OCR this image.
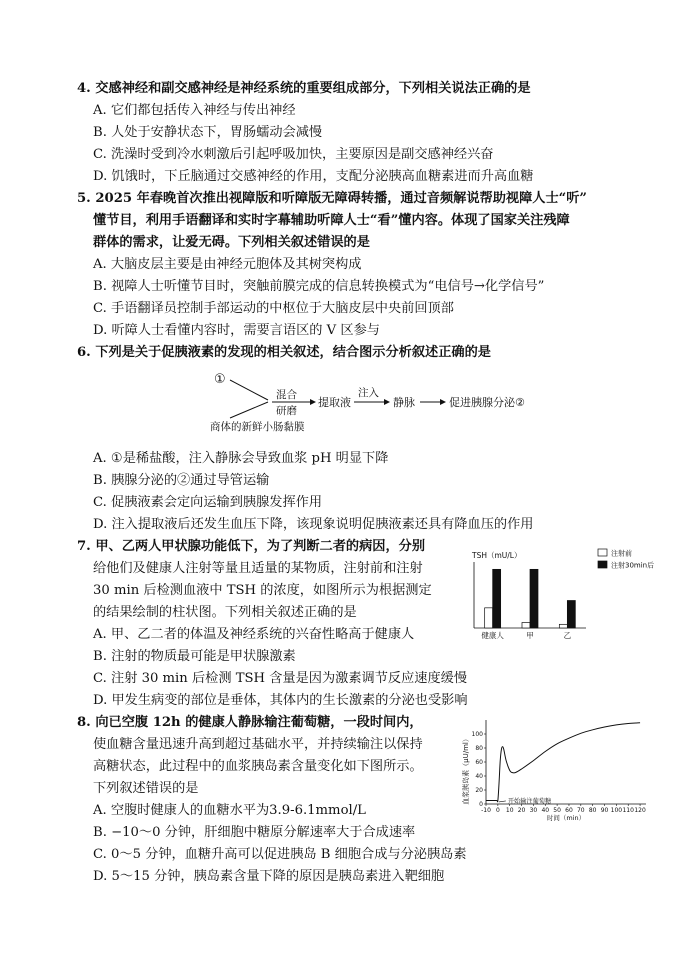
4. 交感神经和副交感神经是神经系统的重要组成部分，下列相关说法正确的是
A. 它们都包括传入神经与传出神经
B. 人处于安静状态下，胃肠蠕动会减慢
C. 洗澡时受到冷水刺激后引起呼吸加快，主要原因是副交感神经兴奋
D. 饥饿时，下丘脑通过交感神经的作用，支配分泌胰高血糖素进而升高血糖
5. 2025 年春晚首次推出视障版和听障版无障碍转播，通过音频解说帮助视障人士“听”
懂节目，利用手语翻译和实时字幕辅助听障人士“看”懂内容。体现了国家关注残障
群体的需求，让爱无碍。下列相关叙述错误的是
A. 大脑皮层主要是由神经元胞体及其树突构成
B. 视障人士听懂节目时，突触前膜完成的信息转换模式为“电信号→化学信号”
C. 手语翻译员控制手部运动的中枢位于大脑皮层中央前回顶部
D. 听障人士看懂内容时，需要言语区的 V 区参与
6. 下列是关于促胰液素的发现的相关叙述，结合图示分析叙述正确的是
①
混合
研磨
提取液
注入
静脉	促进胰腺分泌②
商体的新鲜小肠黏膜
A. ①是稀盐酸，注入静脉会导致血浆 pH 明显下降
B. 胰腺分泌的②通过导管运输
C. 促胰液素会定向运输到胰腺发挥作用
D. 注入提取液后还发生血压下降，该现象说明促胰液素还具有降血压的作用
7. 甲、乙两人甲状腺功能低下，为了判断二者的病因，分别
给他们及健康人注射等量且适量的某物质，注射前和注射
30 min 后检测血液中 TSH 的浓度，如图所示为根据测定
的结果绘制的柱状图。下列相关叙述正确的是
A. 甲、乙二者的体温及神经系统的兴奋性略高于健康人
B. 注射的物质最可能是甲状腺激素
C. 注射 30 min 后检测 TSH 含量是因为激素调节反应速度缓慢
D. 甲发生病变的部位是垂体，其体内的生长激素的分泌也受影响
TSH（mU/L）	注射前
注射30min后
健康人	甲	乙
8. 向已空腹 12h 的健康人静脉输注葡萄糖，一段时间内，
使血糖含量迅速升高到超过基础水平，并持续输注以保持
高糖状态，此过程中的血浆胰岛素含量变化如下图所示。
下列叙述错误的是
A. 空腹时健康人的血糖水平为3.9-6.1mmol/L
B. −10～0 分钟，肝细胞中糖原分解速率大于合成速率
C. 0～5 分钟，血糖升高可以促进胰岛 B 细胞合成与分泌胰岛素
D. 5～15 分钟，胰岛素含量下降的原因是胰岛素进入靶细胞
血浆胰岛素（μU/ml）
时间（min）
0
20
40
60
80
100
-10 0 10 20 30 40 50 60 70 80 90 100 110 120
开始输注葡萄糖
